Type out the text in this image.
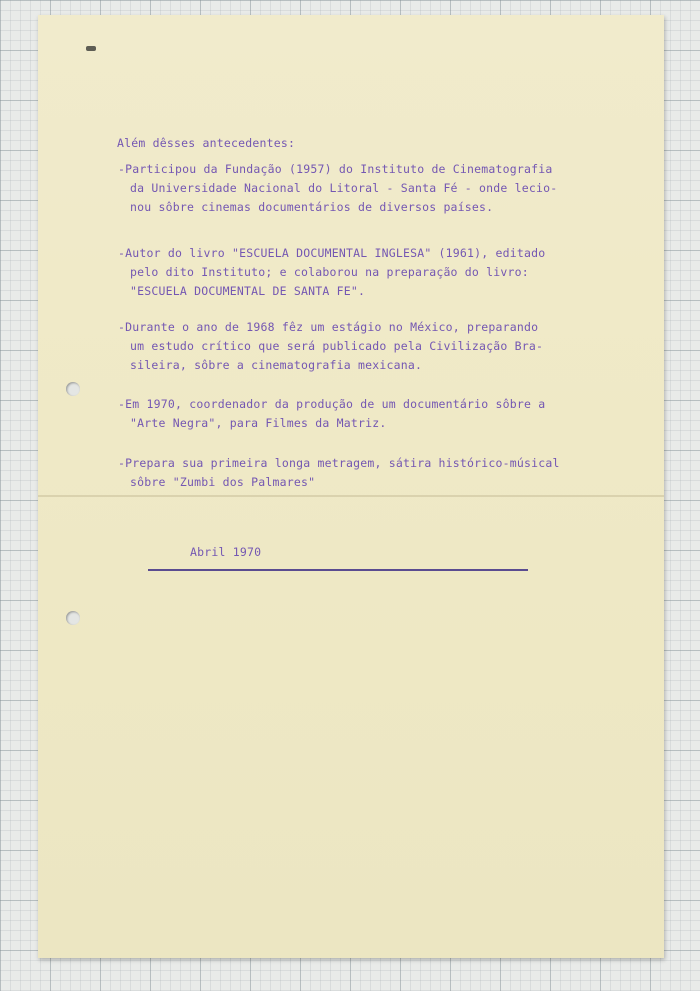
Além dêsses antecedentes:
-Participou da Fundação (1957) do Instituto de Cinematografia
da Universidade Nacional do Litoral - Santa Fé - onde lecio-
nou sôbre cinemas documentários de diversos países.
-Autor do livro "ESCUELA DOCUMENTAL INGLESA" (1961), editado
pelo dito Instituto; e colaborou na preparação do livro:
"ESCUELA DOCUMENTAL DE SANTA FE".
-Durante o ano de 1968 fêz um estágio no México, preparando
um estudo crítico que será publicado pela Civilização Bra-
sileira, sôbre a cinematografia mexicana.
-Em 1970, coordenador da produção de um documentário sôbre a
"Arte Negra", para Filmes da Matriz.
-Prepara sua primeira longa metragem, sátira histórico-músical
sôbre "Zumbi dos Palmares"
Abril 1970
